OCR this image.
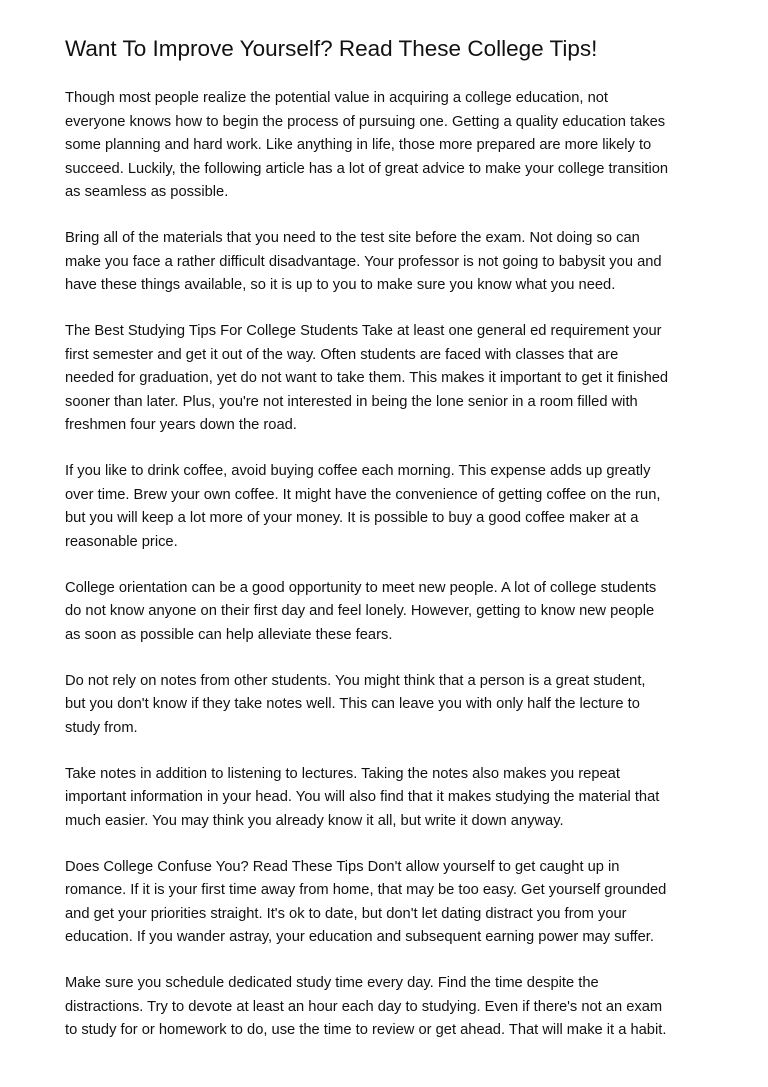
Want To Improve Yourself? Read These College Tips!

Though most people realize the potential value in acquiring a college education, not
everyone knows how to begin the process of pursuing one. Getting a quality education takes
some planning and hard work. Like anything in life, those more prepared are more likely to
succeed. Luckily, the following article has a lot of great advice to make your college transition
as seamless as possible.

Bring all of the materials that you need to the test site before the exam. Not doing so can
make you face a rather difficult disadvantage. Your professor is not going to babysit you and
have these things available, so it is up to you to make sure you know what you need.

The Best Studying Tips For College Students Take at least one general ed requirement your
first semester and get it out of the way. Often students are faced with classes that are
needed for graduation, yet do not want to take them. This makes it important to get it finished
sooner than later. Plus, you're not interested in being the lone senior in a room filled with
freshmen four years down the road.

If you like to drink coffee, avoid buying coffee each morning. This expense adds up greatly
over time. Brew your own coffee. It might have the convenience of getting coffee on the run,
but you will keep a lot more of your money. It is possible to buy a good coffee maker at a
reasonable price.

College orientation can be a good opportunity to meet new people. A lot of college students
do not know anyone on their first day and feel lonely. However, getting to know new people
as soon as possible can help alleviate these fears.

Do not rely on notes from other students. You might think that a person is a great student,
but you don't know if they take notes well. This can leave you with only half the lecture to
study from.

Take notes in addition to listening to lectures. Taking the notes also makes you repeat
important information in your head. You will also find that it makes studying the material that
much easier. You may think you already know it all, but write it down anyway.

Does College Confuse You? Read These Tips Don't allow yourself to get caught up in
romance. If it is your first time away from home, that may be too easy. Get yourself grounded
and get your priorities straight. It's ok to date, but don't let dating distract you from your
education. If you wander astray, your education and subsequent earning power may suffer.

Make sure you schedule dedicated study time every day. Find the time despite the
distractions. Try to devote at least an hour each day to studying. Even if there's not an exam
to study for or homework to do, use the time to review or get ahead. That will make it a habit.
